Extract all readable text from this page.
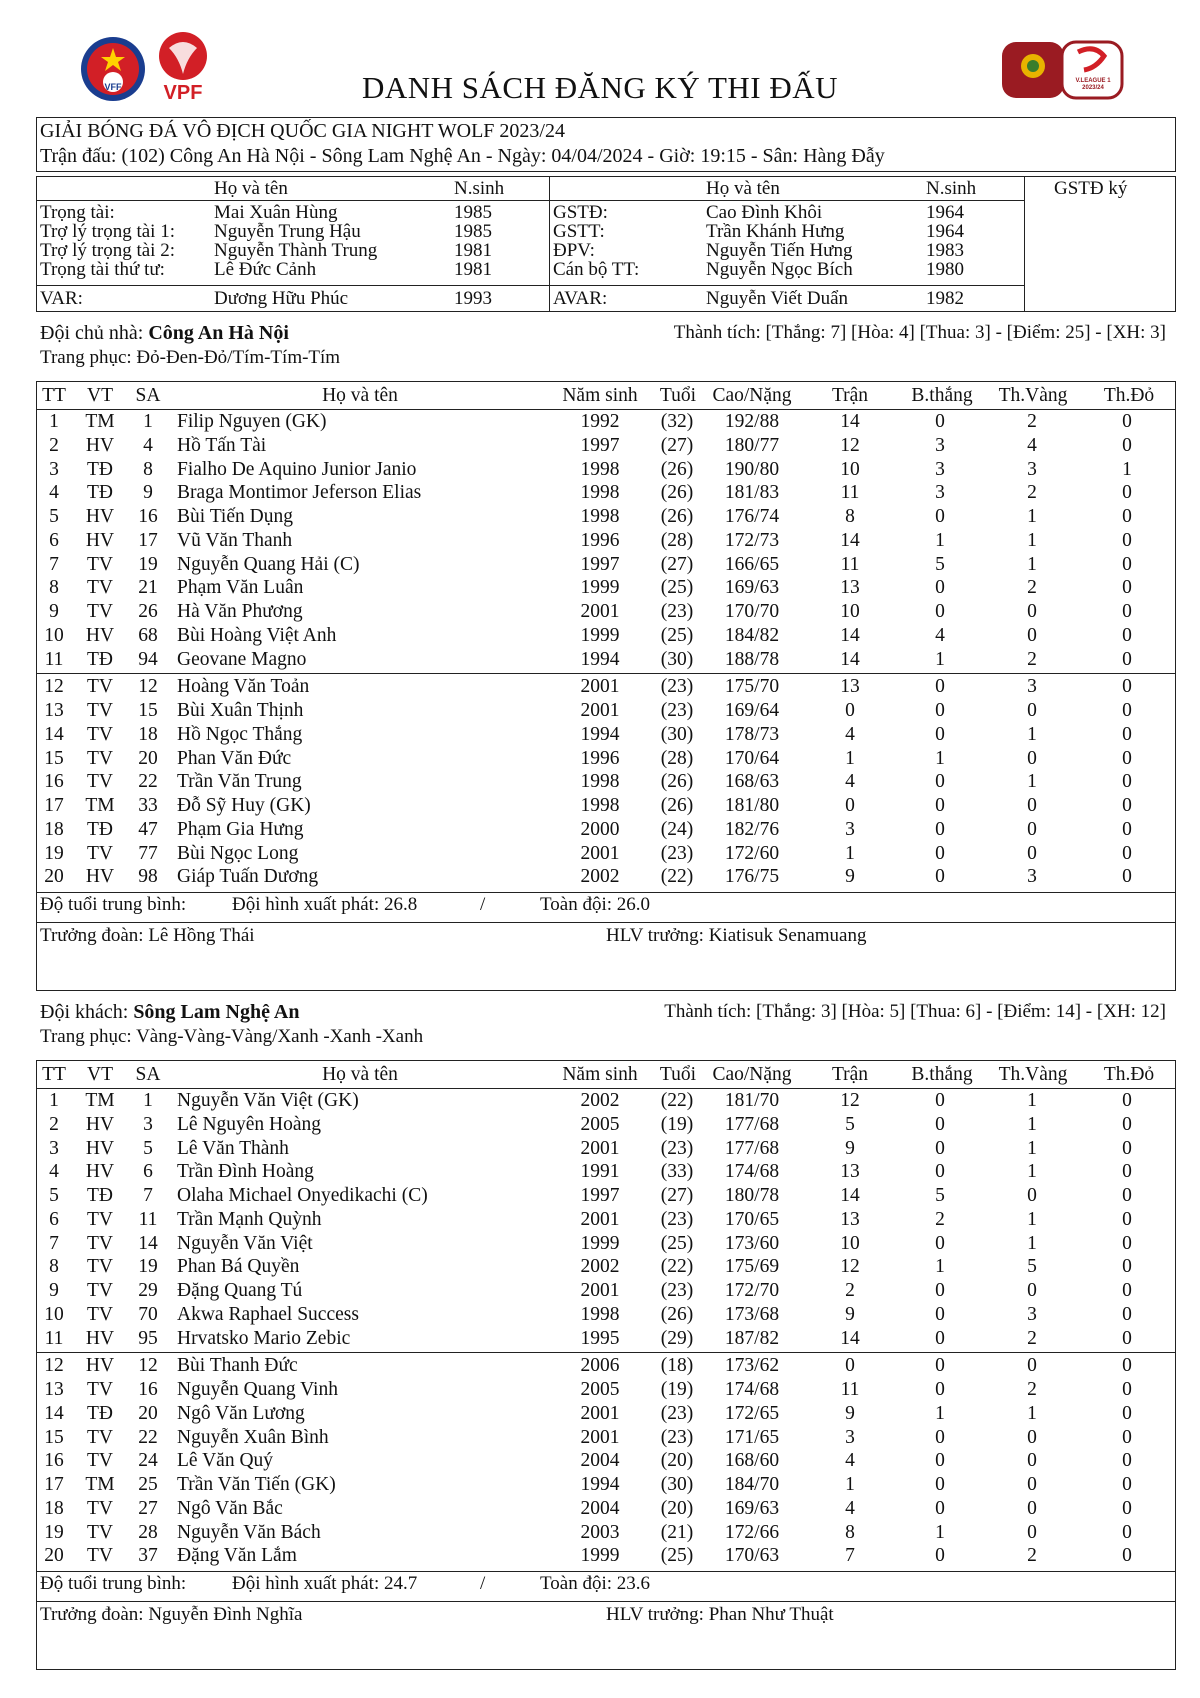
VFF	VPF
V.LEAGUE 1 2023/24
DANH SÁCH ĐĂNG KÝ THI ĐẤU
GIẢI BÓNG ĐÁ VÔ ĐỊCH QUỐC GIA NIGHT WOLF 2023/24
Trận đấu: (102) Công An Hà Nội - Sông Lam Nghệ An - Ngày: 04/04/2024 - Giờ: 19:15 - Sân: Hàng Đẫy
Họ và tên	N.sinh	Họ và tên	N.sinh	GSTĐ ký
Trọng tài:	Mai Xuân Hùng	1985	GSTĐ:	Cao Đình Khôi	1964
Trợ lý trọng tài 1: Nguyễn Trung Hậu	1985	GSTT:	Trần Khánh Hưng	1964
Trợ lý trọng tài 2: Nguyễn Thành Trung	1981	ĐPV:	Nguyễn Tiến Hưng	1983
Trọng tài thứ tư:	Lê Đức Cảnh	1981	Cán bộ TT:	Nguyễn Ngọc Bích	1980
VAR:	Dương Hữu Phúc	1993	AVAR:	Nguyễn Viết Duẩn	1982
Đội chủ nhà: Công An Hà Nội	Thành tích: [Thắng: 7] [Hòa: 4] [Thua: 3] - [Điểm: 25] - [XH: 3]
Trang phục: Đỏ-Đen-Đỏ/Tím-Tím-Tím
TT	VT	SA	Họ và tên	Năm sinh	Tuổi Cao/Nặng	Trận	B.thắng	Th.Vàng	Th.Đỏ
1	TM	1	Filip Nguyen (GK)	1992	(32)	192/88	14	0	2	0
2	HV	4	Hồ Tấn Tài	1997	(27)	180/77	12	3	4	0
3	TĐ	8	Fialho De Aquino Junior Janio	1998	(26)	190/80	10	3	3	1
4	TĐ	9	Braga Montimor Jeferson Elias	1998	(26)	181/83	11	3	2	0
5	HV	16 Bùi Tiến Dụng	1998	(26)	176/74	8	0	1	0
6	HV	17 Vũ Văn Thanh	1996	(28)	172/73	14	1	1	0
7	TV	19 Nguyễn Quang Hải (C)	1997	(27)	166/65	11	5	1	0
8	TV	21 Phạm Văn Luân	1999	(25)	169/63	13	0	2	0
9	TV	26 Hà Văn Phương	2001	(23)	170/70	10	0	0	0
10	HV	68 Bùi Hoàng Việt Anh	1999	(25)	184/82	14	4	0	0
11	TĐ	94 Geovane Magno	1994	(30)	188/78	14	1	2	0
12	TV	12 Hoàng Văn Toản	2001	(23)	175/70	13	0	3	0
13	TV	15 Bùi Xuân Thịnh	2001	(23)	169/64	0	0	0	0
14	TV	18 Hồ Ngọc Thắng	1994	(30)	178/73	4	0	1	0
15	TV	20 Phan Văn Đức	1996	(28)	170/64	1	1	0	0
16	TV	22 Trần Văn Trung	1998	(26)	168/63	4	0	1	0
17 TM	33 Đỗ Sỹ Huy (GK)	1998	(26)	181/80	0	0	0	0
18	TĐ	47 Phạm Gia Hưng	2000	(24)	182/76	3	0	0	0
19	TV	77 Bùi Ngọc Long	2001	(23)	172/60	1	0	0	0
20	HV	98 Giáp Tuấn Dương	2002	(22)	176/75	9	0	3	0
Độ tuổi trung bình: Đội hình xuất phát: 26.8	/	Toàn đội: 26.0
Trưởng đoàn: Lê Hồng Thái	HLV trưởng: Kiatisuk Senamuang
Đội khách: Sông Lam Nghệ An	Thành tích: [Thắng: 3] [Hòa: 5] [Thua: 6] - [Điểm: 14] - [XH: 12]
Trang phục: Vàng-Vàng-Vàng/Xanh -Xanh -Xanh
TT	VT	SA	Họ và tên	Năm sinh	Tuổi Cao/Nặng	Trận	B.thắng	Th.Vàng	Th.Đỏ
1	TM	1	Nguyễn Văn Việt (GK)	2002	(22)	181/70	12	0	1	0
2	HV	3	Lê Nguyên Hoàng	2005	(19)	177/68	5	0	1	0
3	HV	5	Lê Văn Thành	2001	(23)	177/68	9	0	1	0
4	HV	6	Trần Đình Hoàng	1991	(33)	174/68	13	0	1	0
5	TĐ	7	Olaha Michael Onyedikachi (C)	1997	(27)	180/78	14	5	0	0
6	TV	11	Trần Mạnh Quỳnh	2001	(23)	170/65	13	2	1	0
7	TV	14 Nguyễn Văn Việt	1999	(25)	173/60	10	0	1	0
8	TV	19 Phan Bá Quyền	2002	(22)	175/69	12	1	5	0
9	TV	29 Đặng Quang Tú	2001	(23)	172/70	2	0	0	0
10	TV	70 Akwa Raphael Success	1998	(26)	173/68	9	0	3	0
11	HV	95 Hrvatsko Mario Zebic	1995	(29)	187/82	14	0	2	0
12	HV	12 Bùi Thanh Đức	2006	(18)	173/62	0	0	0	0
13	TV	16 Nguyễn Quang Vinh	2005	(19)	174/68	11	0	2	0
14	TĐ	20 Ngô Văn Lương	2001	(23)	172/65	9	1	1	0
15	TV	22 Nguyễn Xuân Bình	2001	(23)	171/65	3	0	0	0
16	TV	24 Lê Văn Quý	2004	(20)	168/60	4	0	0	0
17 TM	25 Trần Văn Tiến (GK)	1994	(30)	184/70	1	0	0	0
18	TV	27 Ngô Văn Bắc	2004	(20)	169/63	4	0	0	0
19	TV	28 Nguyễn Văn Bách	2003	(21)	172/66	8	1	0	0
20	TV	37 Đặng Văn Lắm	1999	(25)	170/63	7	0	2	0
Độ tuổi trung bình: Đội hình xuất phát: 24.7	/	Toàn đội: 23.6
Trưởng đoàn: Nguyễn Đình Nghĩa	HLV trưởng: Phan Như Thuật
